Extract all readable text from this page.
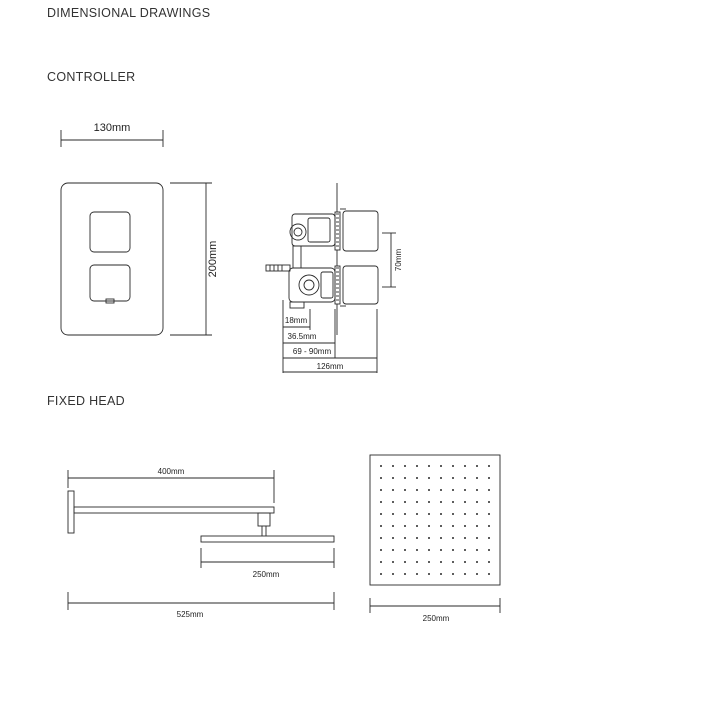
DIMENSIONAL DRAWINGS
CONTROLLER
FIXED HEAD
130mm
200mm	70mm
18mm
36.5mm
69 - 90mm
126mm
400mm
250mm
525mm	250mm
